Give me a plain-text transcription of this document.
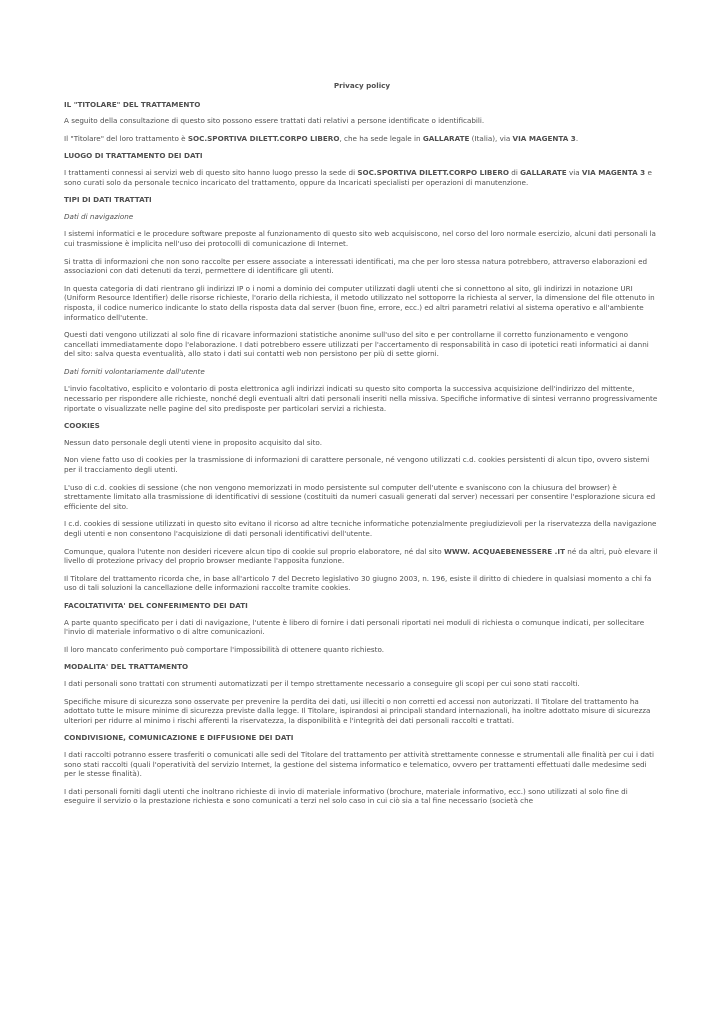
Privacy policy
IL "TITOLARE" DEL TRATTAMENTO

A seguito della consultazione di questo sito possono essere trattati dati relativi a persone identificate o identificabili.

Il "Titolare" del loro trattamento è SOC.SPORTIVA DILETT.CORPO LIBERO, che ha sede legale in GALLARATE (Italia), via VIA MAGENTA 3.

LUOGO DI TRATTAMENTO DEI DATI

I trattamenti connessi ai servizi web di questo sito hanno luogo presso la sede di SOC.SPORTIVA DILETT.CORPO LIBERO di GALLARATE via VIA MAGENTA 3 e sono curati solo da personale tecnico incaricato del trattamento, oppure da Incaricati specialisti per operazioni di manutenzione.

TIPI DI DATI TRATTATI

Dati di navigazione

I sistemi informatici e le procedure software preposte al funzionamento di questo sito web acquisiscono, nel corso del loro normale esercizio, alcuni dati personali la cui trasmissione è implicita nell'uso dei protocolli di comunicazione di Internet.

Si tratta di informazioni che non sono raccolte per essere associate a interessati identificati, ma che per loro stessa natura potrebbero, attraverso elaborazioni ed associazioni con dati detenuti da terzi, permettere di identificare gli utenti.

In questa categoria di dati rientrano gli indirizzi IP o i nomi a dominio dei computer utilizzati dagli utenti che si connettono al sito, gli indirizzi in notazione URI (Uniform Resource Identifier) delle risorse richieste, l'orario della richiesta, il metodo utilizzato nel sottoporre la richiesta al server, la dimensione del file ottenuto in risposta, il codice numerico indicante lo stato della risposta data dal server (buon fine, errore, ecc.) ed altri parametri relativi al sistema operativo e all'ambiente informatico dell'utente.

Questi dati vengono utilizzati al solo fine di ricavare informazioni statistiche anonime sull'uso del sito e per controllarne il corretto funzionamento e vengono cancellati immediatamente dopo l'elaborazione. I dati potrebbero essere utilizzati per l'accertamento di responsabilità in caso di ipotetici reati informatici ai danni del sito: salva questa eventualità, allo stato i dati sui contatti web non persistono per più di sette giorni.

Dati forniti volontariamente dall'utente

L'invio facoltativo, esplicito e volontario di posta elettronica agli indirizzi indicati su questo sito comporta la successiva acquisizione dell'indirizzo del mittente, necessario per rispondere alle richieste, nonché degli eventuali altri dati personali inseriti nella missiva. Specifiche informative di sintesi verranno progressivamente riportate o visualizzate nelle pagine del sito predisposte per particolari servizi a richiesta.

COOKIES

Nessun dato personale degli utenti viene in proposito acquisito dal sito.

Non viene fatto uso di cookies per la trasmissione di informazioni di carattere personale, né vengono utilizzati c.d. cookies persistenti di alcun tipo, ovvero sistemi per il tracciamento degli utenti.

L'uso di c.d. cookies di sessione (che non vengono memorizzati in modo persistente sul computer dell'utente e svaniscono con la chiusura del browser) è strettamente limitato alla trasmissione di identificativi di sessione (costituiti da numeri casuali generati dal server) necessari per consentire l'esplorazione sicura ed efficiente del sito.

I c.d. cookies di sessione utilizzati in questo sito evitano il ricorso ad altre tecniche informatiche potenzialmente pregiudizievoli per la riservatezza della navigazione degli utenti e non consentono l'acquisizione di dati personali identificativi dell'utente.

Comunque, qualora l'utente non desideri ricevere alcun tipo di cookie sul proprio elaboratore, né dal sito WWW. ACQUAEBENESSERE .IT né da altri, può elevare il livello di protezione privacy del proprio browser mediante l'apposita funzione.

Il Titolare del trattamento ricorda che, in base all'articolo 7 del Decreto legislativo 30 giugno 2003, n. 196, esiste il diritto di chiedere in qualsiasi momento a chi fa uso di tali soluzioni la cancellazione delle informazioni raccolte tramite cookies.

FACOLTATIVITA' DEL CONFERIMENTO DEI DATI

A parte quanto specificato per i dati di navigazione, l'utente è libero di fornire i dati personali riportati nei moduli di richiesta o comunque indicati, per sollecitare l'invio di materiale informativo o di altre comunicazioni.

Il loro mancato conferimento può comportare l'impossibilità di ottenere quanto richiesto.

MODALITA' DEL TRATTAMENTO

I dati personali sono trattati con strumenti automatizzati per il tempo strettamente necessario a conseguire gli scopi per cui sono stati raccolti.

Specifiche misure di sicurezza sono osservate per prevenire la perdita dei dati, usi illeciti o non corretti ed accessi non autorizzati. Il Titolare del trattamento ha adottato tutte le misure minime di sicurezza previste dalla legge. Il Titolare, ispirandosi ai principali standard internazionali, ha inoltre adottato misure di sicurezza ulteriori per ridurre al minimo i rischi afferenti la riservatezza, la disponibilità e l'integrità dei dati personali raccolti e trattati.

CONDIVISIONE, COMUNICAZIONE E DIFFUSIONE DEI DATI

I dati raccolti potranno essere trasferiti o comunicati alle sedi del Titolare del trattamento per attività strettamente connesse e strumentali alle finalità per cui i dati sono stati raccolti (quali l'operatività del servizio Internet, la gestione del sistema informatico e telematico, ovvero per trattamenti effettuati dalle medesime sedi per le stesse finalità).

I dati personali forniti dagli utenti che inoltrano richieste di invio di materiale informativo (brochure, materiale informativo, ecc.) sono utilizzati al solo fine di eseguire il servizio o la prestazione richiesta e sono comunicati a terzi nel solo caso in cui ciò sia a tal fine necessario (società che
